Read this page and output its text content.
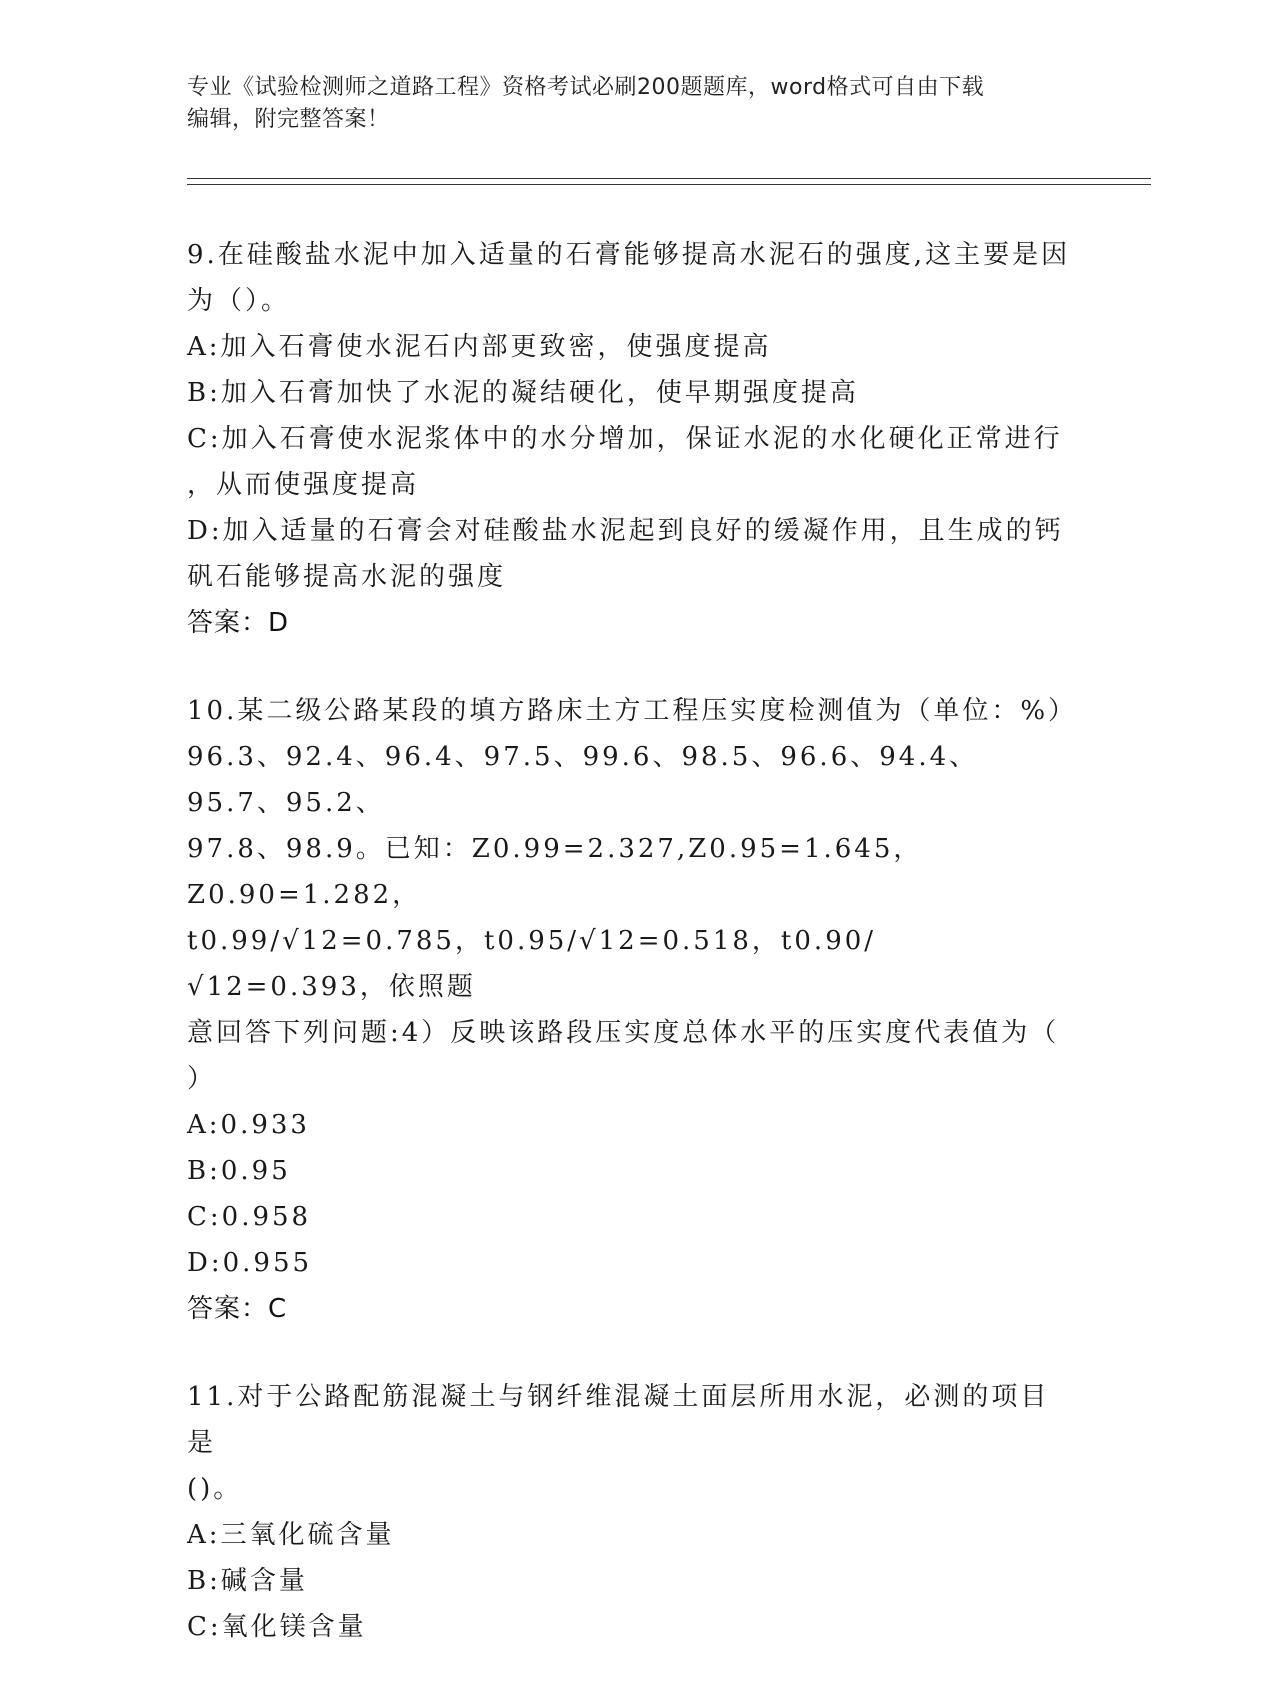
专业《试验检测师之道路工程》资格考试必刷200题题库，word格式可自由下载
编辑，附完整答案！
9.在硅酸盐水泥中加入适量的石膏能够提高水泥石的强度,这主要是因
为（）。
A:加入石膏使水泥石内部更致密，使强度提高
B:加入石膏加快了水泥的凝结硬化，使早期强度提高
C:加入石膏使水泥浆体中的水分增加，保证水泥的水化硬化正常进行
，从而使强度提高
D:加入适量的石膏会对硅酸盐水泥起到良好的缓凝作用，且生成的钙
矾石能够提高水泥的强度
答案：D
10.某二级公路某段的填方路床土方工程压实度检测值为（单位：%）
96.3、92.4、96.4、97.5、99.6、98.5、96.6、94.4、95.7、95.2、
97.8、98.9。已知：Z0.99=2.327,Z0.95=1.645，Z0.90=1.282，
t0.99/√12=0.785，t0.95/√12=0.518，t0.90/√12=0.393，依照题
意回答下列问题:4）反映该路段压实度总体水平的压实度代表值为（
）
A:0.933
B:0.95
C:0.958
D:0.955
答案：C
11.对于公路配筋混凝土与钢纤维混凝土面层所用水泥，必测的项目是
()。
A:三氧化硫含量
B:碱含量
C:氧化镁含量
